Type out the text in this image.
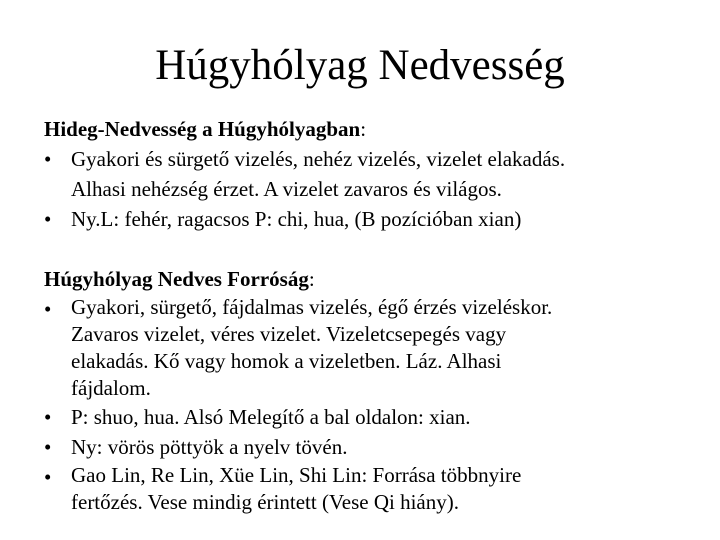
Húgyhólyag Nedvesség

Hideg-Nedvesség a Húgyhólyagban:

• Gyakori és sürgető vizelés, nehéz vizelés, vizelet elakadás.
Alhasi nehézség érzet. A vizelet zavaros és világos.
• Ny.L: fehér, ragacsos P: chi, hua, (B pozícióban xian)

Húgyhólyag Nedves Forróság:

• Gyakori, sürgető, fájdalmas vizelés, égő érzés vizeléskor.
Zavaros vizelet, véres vizelet. Vizeletcsepegés vagy
elakadás. Kő vagy homok a vizeletben. Láz. Alhasi
fájdalom.
• P: shuo, hua. Alsó Melegítő a bal oldalon: xian.
• Ny: vörös pöttyök a nyelv tövén.
• Gao Lin, Re Lin, Xüe Lin, Shi Lin: Forrása többnyire
fertőzés. Vese mindig érintett (Vese Qi hiány).
